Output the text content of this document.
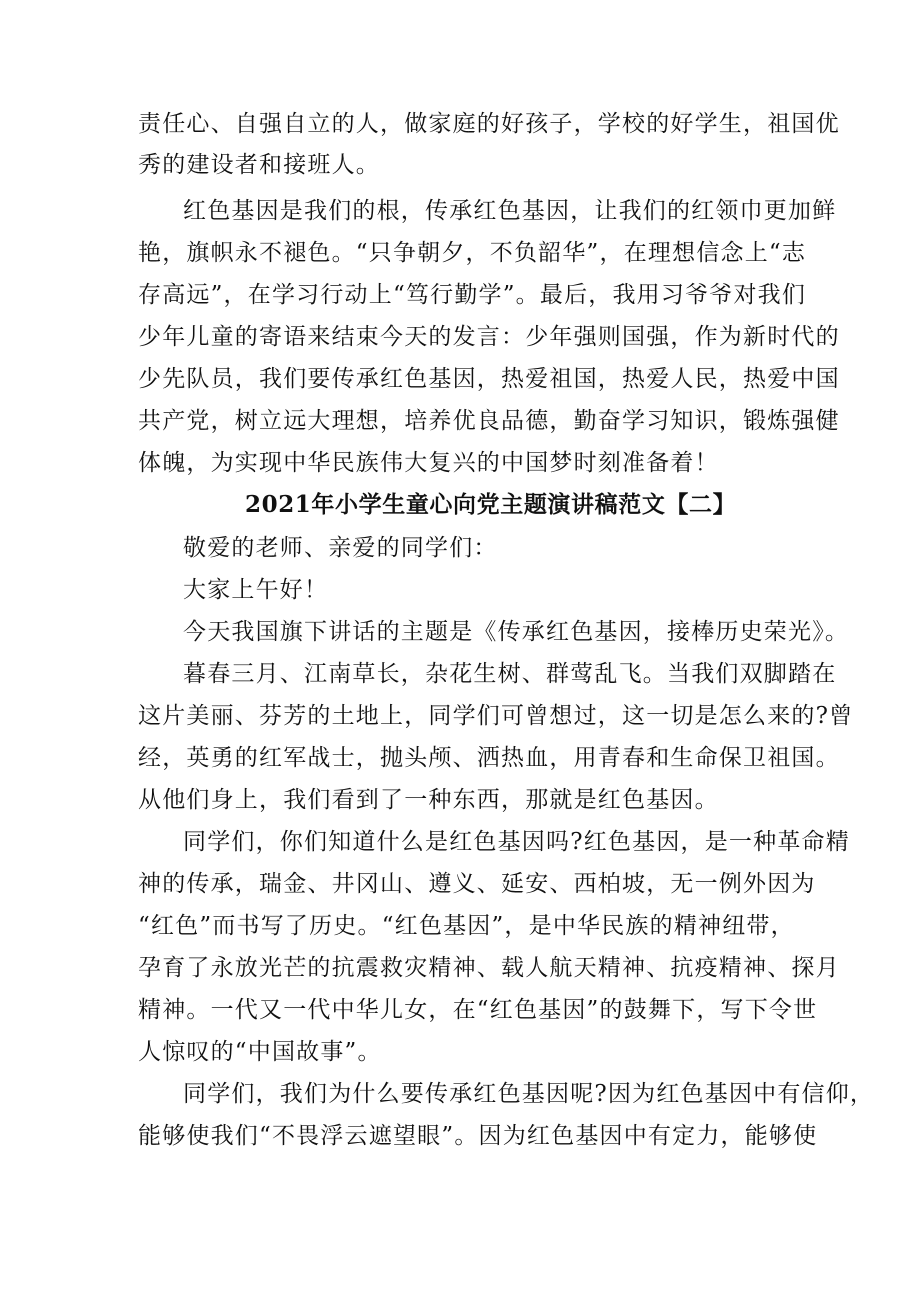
责任心、自强自立的人，做家庭的好孩子，学校的好学生，祖国优
秀的建设者和接班人。
红色基因是我们的根，传承红色基因，让我们的红领巾更加鲜
艳，旗帜永不褪色。“只争朝夕，不负韶华”，在理想信念上“志
存高远”，在学习行动上“笃行勤学”。最后，我用习爷爷对我们
少年儿童的寄语来结束今天的发言：少年强则国强，作为新时代的
少先队员，我们要传承红色基因，热爱祖国，热爱人民，热爱中国
共产党，树立远大理想，培养优良品德，勤奋学习知识，锻炼强健
体魄，为实现中华民族伟大复兴的中国梦时刻准备着！
2021年小学生童心向党主题演讲稿范文【二】
敬爱的老师、亲爱的同学们：
大家上午好！
今天我国旗下讲话的主题是《传承红色基因，接棒历史荣光》。
暮春三月、江南草长，杂花生树、群莺乱飞。当我们双脚踏在
这片美丽、芬芳的土地上，同学们可曾想过，这一切是怎么来的?曾
经，英勇的红军战士，抛头颅、洒热血，用青春和生命保卫祖国。
从他们身上，我们看到了一种东西，那就是红色基因。
同学们，你们知道什么是红色基因吗?红色基因，是一种革命精
神的传承，瑞金、井冈山、遵义、延安、西柏坡，无一例外因为
“红色”而书写了历史。“红色基因”，是中华民族的精神纽带，
孕育了永放光芒的抗震救灾精神、载人航天精神、抗疫精神、探月
精神。一代又一代中华儿女，在“红色基因”的鼓舞下，写下令世
人惊叹的“中国故事”。
同学们，我们为什么要传承红色基因呢?因为红色基因中有信仰，
能够使我们“不畏浮云遮望眼”。因为红色基因中有定力，能够使
